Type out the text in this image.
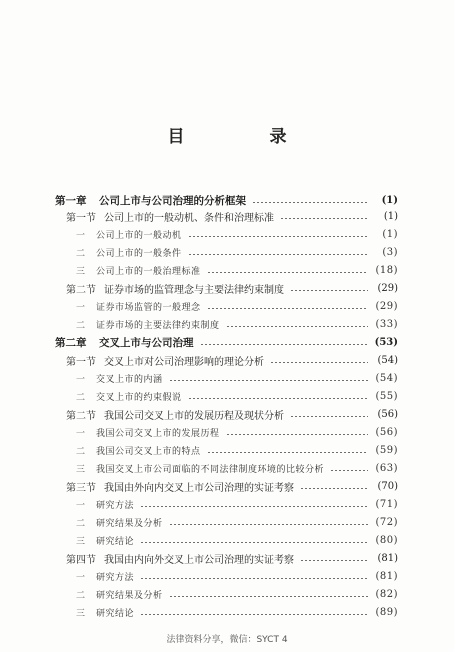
目　录
第一章	公司上市与公司治理的分析框架	(1)
第一节 公司上市的一般动机、条件和治理标准	(1)
一	公司上市的一般动机	(1)
二	公司上市的一般条件	(3)
三	公司上市的一般治理标准	(18)
第二节 证券市场的监管理念与主要法律约束制度	(29)
一	证券市场监管的一般理念	(29)
二	证券市场的主要法律约束制度	(33)
第二章	交叉上市与公司治理	(53)
第一节 交叉上市对公司治理影响的理论分析	(54)
一	交叉上市的内涵	(54)
二	交叉上市的约束假说	(55)
第二节 我国公司交叉上市的发展历程及现状分析	(56)
一	我国公司交叉上市的发展历程	(56)
二	我国公司交叉上市的特点	(59)
三	我国交叉上市公司面临的不同法律制度环境的比较分析	(63)
第三节 我国由外向内交叉上市公司治理的实证考察	(70)
一	研究方法	(71)
二	研究结果及分析	(72)
三	研究结论	(80)
第四节 我国由内向外交叉上市公司治理的实证考察	(81)
一	研究方法	(81)
二	研究结果及分析	(82)
三	研究结论	(89)
法律资料分享，微信：SYCT 4
